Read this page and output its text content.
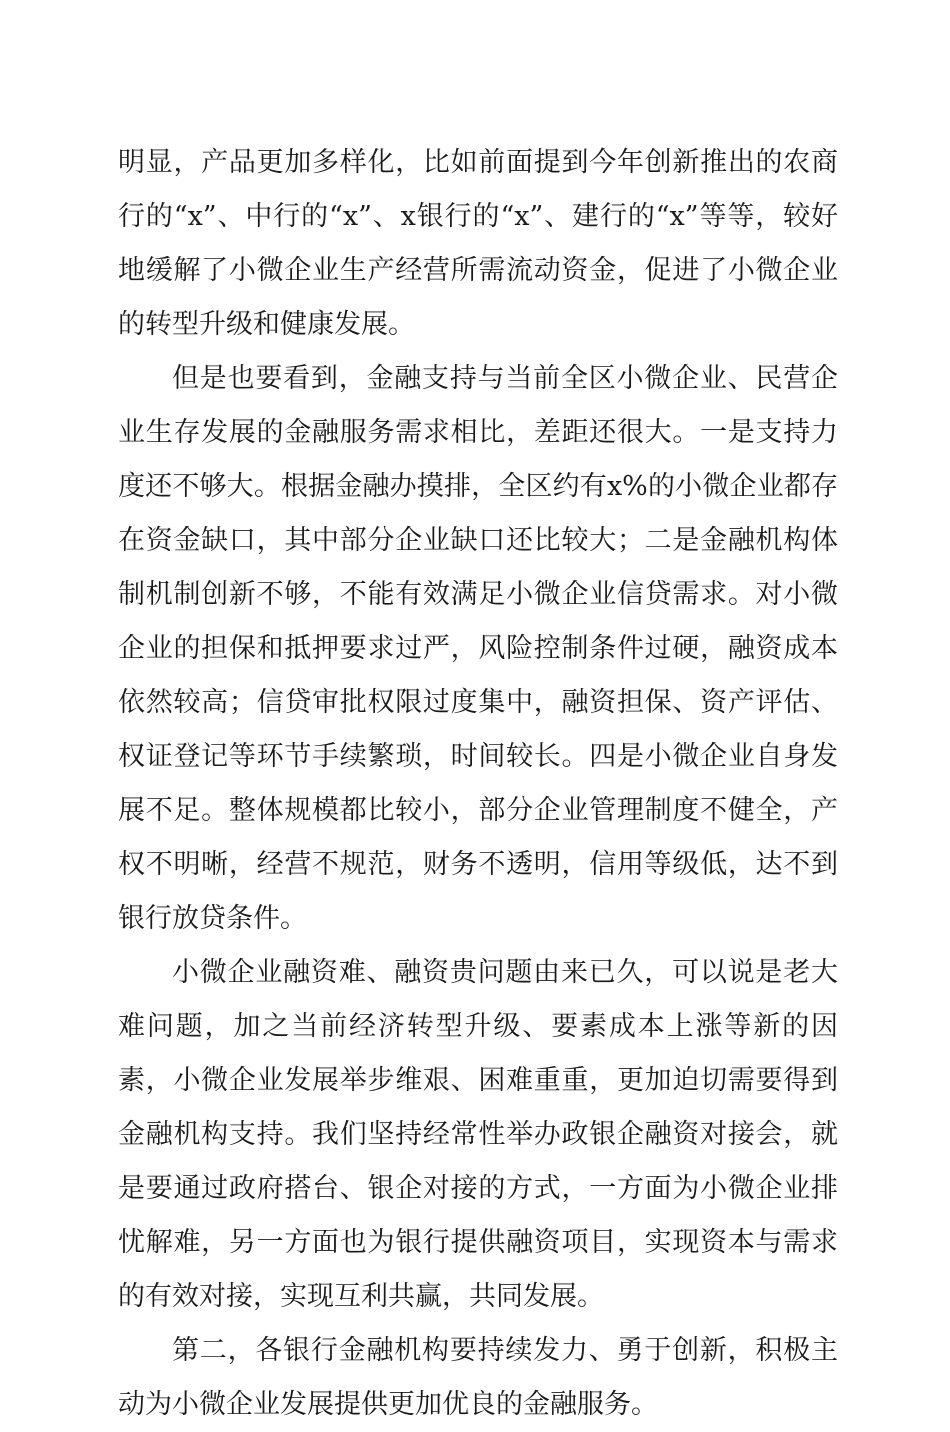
明显，产品更加多样化，比如前面提到今年创新推出的农商行的“x”、中行的“x”、x银行的“x”、建行的“x”等等，较好地缓解了小微企业生产经营所需流动资金，促进了小微企业的转型升级和健康发展。

但是也要看到，金融支持与当前全区小微企业、民营企业生存发展的金融服务需求相比，差距还很大。一是支持力度还不够大。根据金融办摸排，全区约有x%的小微企业都存在资金缺口，其中部分企业缺口还比较大；二是金融机构体制机制创新不够，不能有效满足小微企业信贷需求。对小微企业的担保和抵押要求过严，风险控制条件过硬，融资成本依然较高；信贷审批权限过度集中，融资担保、资产评估、权证登记等环节手续繁琐，时间较长。四是小微企业自身发展不足。整体规模都比较小，部分企业管理制度不健全，产权不明晰，经营不规范，财务不透明，信用等级低，达不到银行放贷条件。

小微企业融资难、融资贵问题由来已久，可以说是老大难问题，加之当前经济转型升级、要素成本上涨等新的因素，小微企业发展举步维艰、困难重重，更加迫切需要得到金融机构支持。我们坚持经常性举办政银企融资对接会，就是要通过政府搭台、银企对接的方式，一方面为小微企业排忧解难，另一方面也为银行提供融资项目，实现资本与需求的有效对接，实现互利共赢，共同发展。

第二，各银行金融机构要持续发力、勇于创新，积极主动为小微企业发展提供更加优良的金融服务。
